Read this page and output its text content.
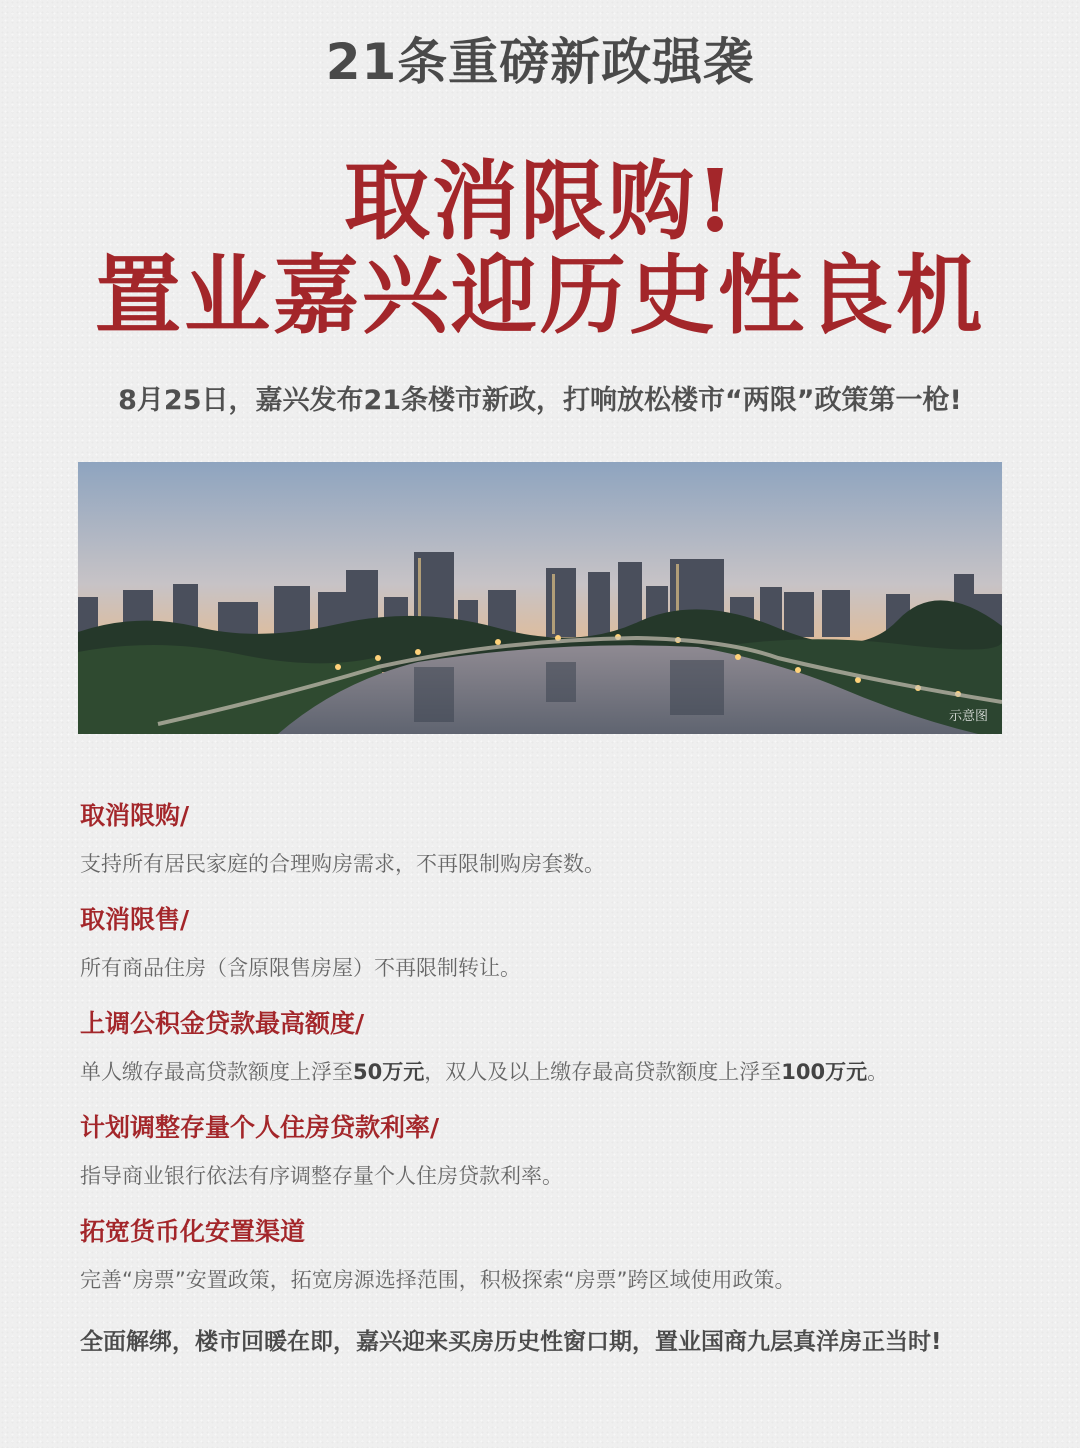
21条重磅新政强袭
取消限购!
置业嘉兴迎历史性良机
8月25日，嘉兴发布21条楼市新政，打响放松楼市“两限”政策第一枪!
示意图
取消限购/
支持所有居民家庭的合理购房需求，不再限制购房套数。
取消限售/
所有商品住房（含原限售房屋）不再限制转让。
上调公积金贷款最高额度/
单人缴存最高贷款额度上浮至50万元，双人及以上缴存最高贷款额度上浮至100万元。
计划调整存量个人住房贷款利率/
指导商业银行依法有序调整存量个人住房贷款利率。
拓宽货币化安置渠道
完善“房票”安置政策，拓宽房源选择范围，积极探索“房票”跨区域使用政策。
全面解绑，楼市回暖在即，嘉兴迎来买房历史性窗口期，置业国商九层真洋房正当时!
